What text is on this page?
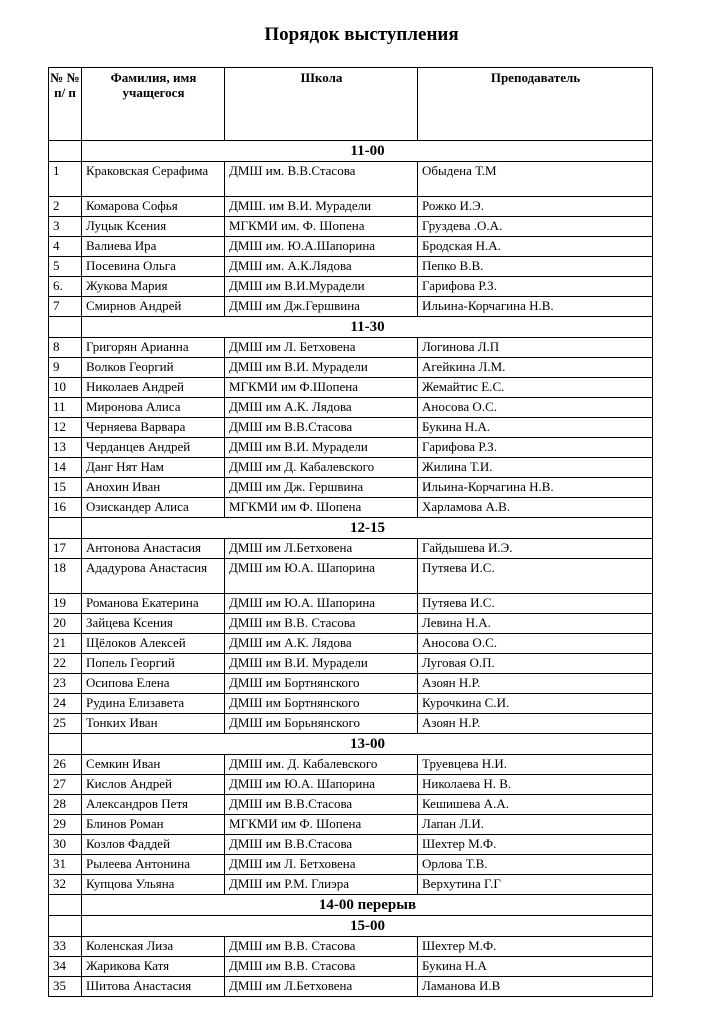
Порядок выступления
№ № п/ п	Фамилия, имя учащегося	Школа	Преподаватель
	11-00		
1	Краковская Серафима	ДМШ им. В.В.Стасова	Обыдена Т.М
2	Комарова Софья	ДМШ. им В.И. Мурадели	Рожко И.Э.
3	Луцык Ксения	МГКМИ им. Ф. Шопена	Груздева .О.А.
4	Валиева Ира	ДМШ им. Ю.А.Шапорина	Бродская Н.А.
5	Посевина Ольга	ДМШ им. А.К.Лядова	Пепко В.В.
6.	Жукова Мария	ДМШ им В.И.Мурадели	Гарифова Р.З.
7	Смирнов Андрей	ДМШ им Дж.Гершвина	Ильина-Корчагина Н.В.
	11-30		
8	Григорян Арианна	ДМШ им Л. Бетховена	Логинова Л.П
9	Волков Георгий	ДМШ им В.И. Мурадели	Агейкина Л.М.
10	Николаев Андрей	МГКМИ им Ф.Шопена	Жемайтис Е.С.
11	Миронова Алиса	ДМШ им А.К. Лядова	Аносова О.С.
12	Черняева Варвара	ДМШ им В.В.Стасова	Букина Н.А.
13	Черданцев Андрей	ДМШ им В.И. Мурадели	Гарифова Р.З.
14	Данг Нят Нам	ДМШ им Д. Кабалевского	Жилина Т.И.
15	Анохин Иван	ДМШ им Дж. Гершвина	Ильина-Корчагина Н.В.
16	Озискандер Алиса	МГКМИ им Ф. Шопена	Харламова А.В.
	12-15		
17	Антонова Анастасия	ДМШ им Л.Бетховена	Гайдышева И.Э.
18	Ададурова Анастасия	ДМШ им Ю.А. Шапорина	Путяева И.С.
19	Романова Екатерина	ДМШ им Ю.А. Шапорина	Путяева И.С.
20	Зайцева Ксения	ДМШ им В.В. Стасова	Левина Н.А.
21	Щёлоков Алексей	ДМШ им А.К. Лядова	Аносова О.С.
22	Попель Георгий	ДМШ им В.И. Мурадели	Луговая О.П.
23	Осипова Елена	ДМШ им Бортнянского	Азоян Н.Р.
24	Рудина Елизавета	ДМШ им Бортнянского	Курочкина С.И.
25	Тонких Иван	ДМШ им Борьнянского	Азоян Н.Р.
	13-00		
26	Семкин Иван	ДМШ им. Д. Кабалевского	Труевцева Н.И.
27	Кислов Андрей	ДМШ им Ю.А. Шапорина	Николаева Н. В.
28	Александров Петя	ДМШ им В.В.Стасова	Кешишева А.А.
29	Блинов Роман	МГКМИ им Ф. Шопена	Лапан Л.И.
30	Козлов Фаддей	ДМШ им В.В.Стасова	Шехтер М.Ф.
31	Рылеева Антонина	ДМШ им Л. Бетховена	Орлова Т.В.
32	Купцова Ульяна	ДМШ им Р.М. Глиэра	Верхутина Г.Г
	14-00 перерыв		
	15-00		
33	Коленская Лиза	ДМШ им В.В. Стасова	Шехтер М.Ф.
34	Жарикова Катя	ДМШ им В.В. Стасова	Букина Н.А
35	Шитова Анастасия	ДМШ им Л.Бетховена	Ламанова И.В
